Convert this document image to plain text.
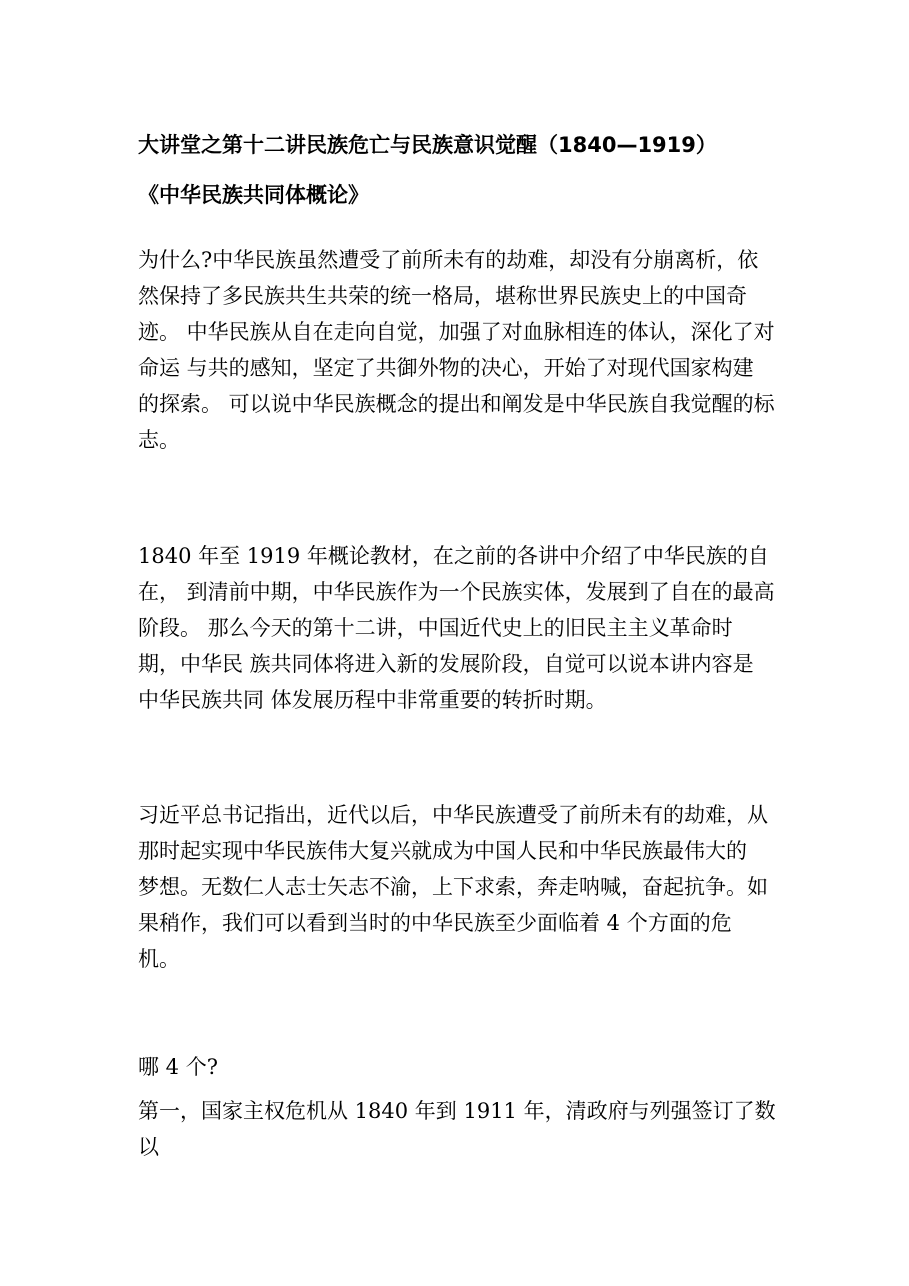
大讲堂之第十二讲民族危亡与民族意识觉醒（1840—1919）
《中华民族共同体概论》

为什么?中华民族虽然遭受了前所未有的劫难，却没有分崩离析，依
然保持了多民族共生共荣的统一格局，堪称世界民族史上的中国奇
迹。 中华民族从自在走向自觉，加强了对血脉相连的体认，深化了对
命运 与共的感知，坚定了共御外物的决心，开始了对现代国家构建
的探索。 可以说中华民族概念的提出和阐发是中华民族自我觉醒的标
志。

1840 年至 1919 年概论教材，在之前的各讲中介绍了中华民族的自
在， 到清前中期，中华民族作为一个民族实体，发展到了自在的最高
阶段。 那么今天的第十二讲，中国近代史上的旧民主主义革命时
期，中华民 族共同体将进入新的发展阶段，自觉可以说本讲内容是
中华民族共同 体发展历程中非常重要的转折时期。

习近平总书记指出，近代以后，中华民族遭受了前所未有的劫难，从
那时起实现中华民族伟大复兴就成为中国人民和中华民族最伟大的
梦想。无数仁人志士矢志不渝，上下求索，奔走呐喊，奋起抗争。如
果稍作，我们可以看到当时的中华民族至少面临着 4 个方面的危
机。

哪 4 个?

第一，国家主权危机从 1840 年到 1911 年，清政府与列强签订了数
以
